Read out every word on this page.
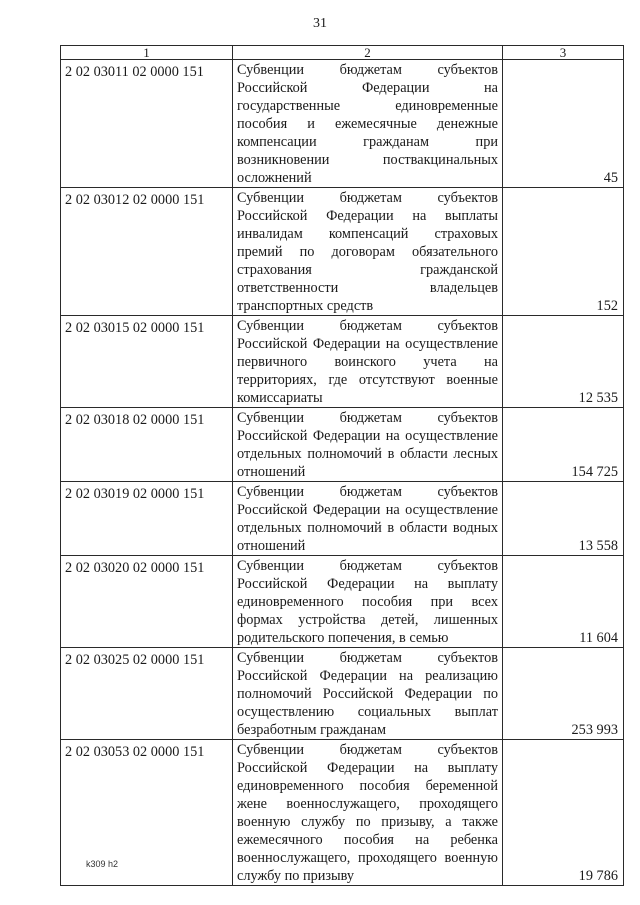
31
1	2	3
2 02 03011 02 0000 151	Субвенции бюджетам субъектов Российской Федерации на государственные единовременные пособия и ежемесячные денежные компенсации гражданам при возникновении поствакцинальных осложнений	45
2 02 03012 02 0000 151	Субвенции бюджетам субъектов Российской Федерации на выплаты инвалидам компенсаций страховых премий по договорам обязательного страхования гражданской ответственности владельцев транспортных средств	152
2 02 03015 02 0000 151	Субвенции бюджетам субъектов Российской Федерации на осуществление первичного воинского учета на территориях, где отсутствуют военные комиссариаты	12 535
2 02 03018 02 0000 151	Субвенции бюджетам субъектов Российской Федерации на осуществление отдельных полномочий в области лесных отношений	154 725
2 02 03019 02 0000 151	Субвенции бюджетам субъектов Российской Федерации на осуществление отдельных полномочий в области водных отношений	13 558
2 02 03020 02 0000 151	Субвенции бюджетам субъектов Российской Федерации на выплату единовременного пособия при всех формах устройства детей, лишенных родительского попечения, в семью	11 604
2 02 03025 02 0000 151	Субвенции бюджетам субъектов Российской Федерации на реализацию полномочий Российской Федерации по осуществлению социальных выплат безработным гражданам	253 993
2 02 03053 02 0000 151	Субвенции бюджетам субъектов Российской Федерации на выплату единовременного пособия беременной жене военнослужащего, проходящего военную службу по призыву, а также ежемесячного пособия на ребенка военнослужащего, проходящего военную службу по призыву	19 786
k309 h2
